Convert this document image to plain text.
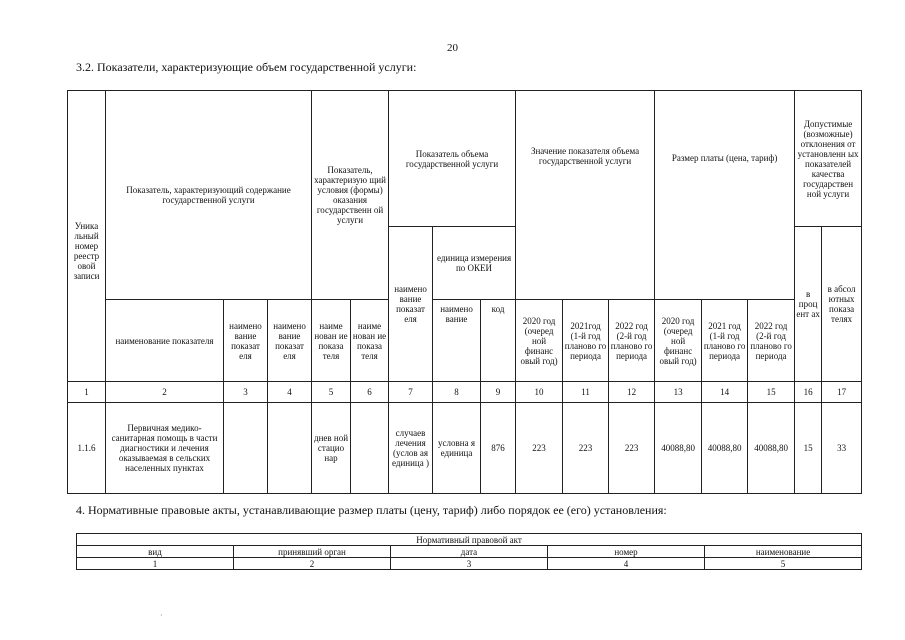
20
3.2. Показатели, характеризующие объем государственной услуги:
Уника льный номер реестр овой записи	Показатель, характеризующий содержание государственной услуги			Показатель, характеризую щий условия (формы) оказания государственн ой услуги		Показатель объема государственной услуги			Значение показателя объема государственной услуги			Размер платы (цена, тариф)			Допустимые (возможные) отклонения от установленн ых показателей качества государствен ной услуги	
						наимено вание показат еля	единица измерения по ОКЕИ								в проц ент ах	в абсол ютных показа телях
	наименование показателя	наимено вание показат еля	наимено вание показат еля	наиме нован ие показа теля	наиме нован ие показа теля		наимено вание	код	2020 год (очеред ной финанс овый год)	2021год (1-й год планово го периода	2022 год (2-й год планово го периода	2020 год (очеред ной финанс овый год)	2021 год (1-й год планово го периода	2022 год (2-й год планово го периода		
1	2	3	4	5	6	7	8	9	10	11	12	13	14	15	16	17
1.1.6	Первичная медико-санитарная помощь в части диагностики и лечения оказываемая в сельских населенных пунктах			днев ной стацио нар		случаев лечения (услов ая единица )	условна я единица	876	223	223	223	40088,80	40088,80	40088,80	15	33
4. Нормативные правовые акты, устанавливающие размер платы (цену, тариф) либо порядок ее (его) установления:
Нормативный правовой акт				
вид	принявший орган	дата	номер	наименование
1	2	3	4	5
·
